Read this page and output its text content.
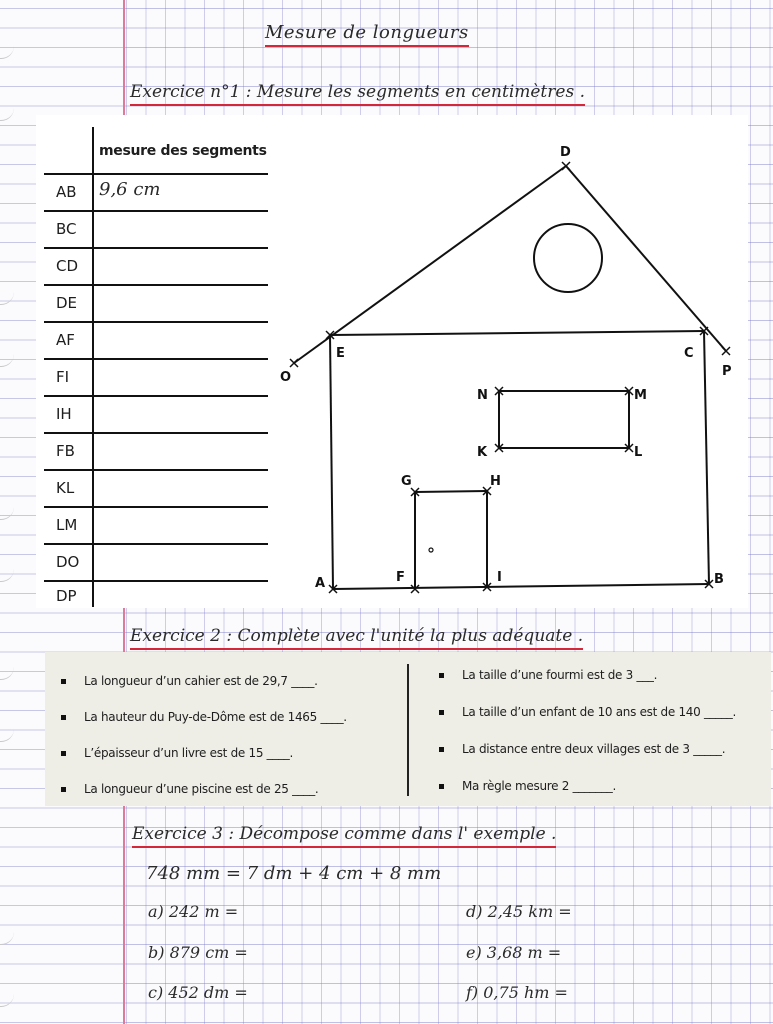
Mesure de longueurs
Exercice n°1 : Mesure les segments en centimètres .
mesure des segments
AB 9,6 cm
BC
CD
DE
AF
FI
IH
FB
KL
LM
DO
DP
D
E	C
O	P
N	M
K	L
G	H
A	F	I	B
Exercice 2 : Complète avec l'unité la plus adéquate .
La longueur d’un cahier est de 29,7 ____.
La hauteur du Puy-de-Dôme est de 1465 ____.
L’épaisseur d’un livre est de 15 ____.
La longueur d’une piscine est de 25 ____.
La taille d’une fourmi est de 3 ___.
La taille d’un enfant de 10 ans est de 140 _____.
La distance entre deux villages est de 3 _____.
Ma règle mesure 2 _______.
Exercice 3 : Décompose comme dans l' exemple .
748 mm = 7 dm + 4 cm + 8 mm
a) 242 m =
b) 879 cm =
c) 452 dm =
d) 2,45 km =
e) 3,68 m =
f) 0,75 hm =
